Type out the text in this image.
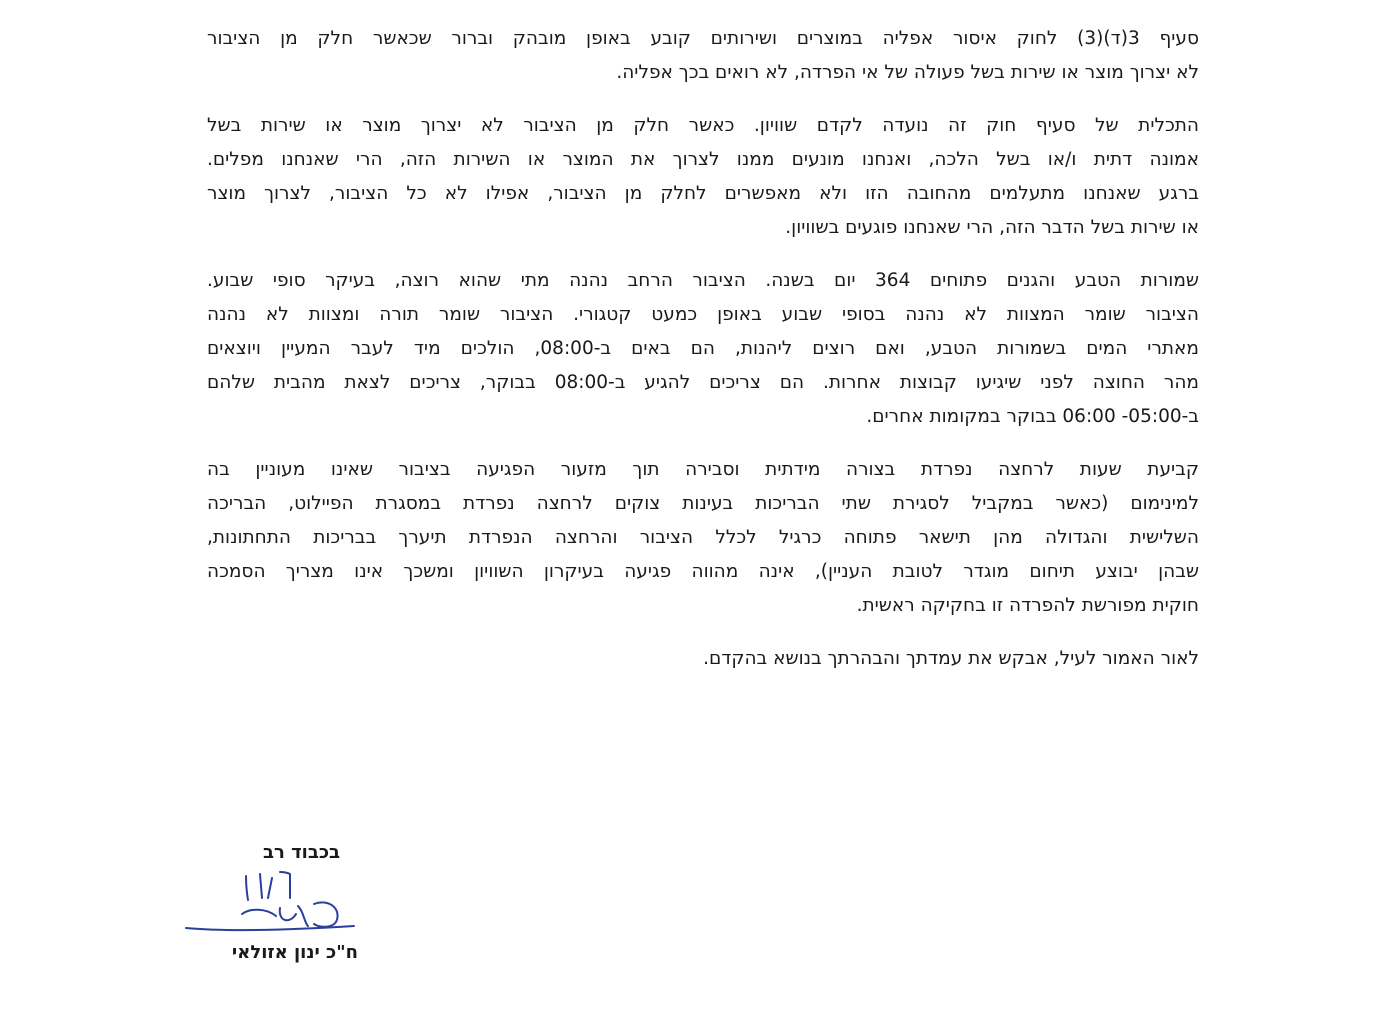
סעיף 3(ד)(3) לחוק איסור אפליה במוצרים ושירותים קובע באופן מובהק וברור שכאשר חלק מן הציבור
לא יצרוך מוצר או שירות בשל פעולה של אי הפרדה, לא רואים בכך אפליה.
התכלית של סעיף חוק זה נועדה לקדם שוויון. כאשר חלק מן הציבור לא יצרוך מוצר או שירות בשל
אמונה דתית ו/או בשל הלכה, ואנחנו מונעים ממנו לצרוך את המוצר או השירות הזה, הרי שאנחנו מפלים.
ברגע שאנחנו מתעלמים מהחובה הזו ולא מאפשרים לחלק מן הציבור, אפילו לא כל הציבור, לצרוך מוצר
או שירות בשל הדבר הזה, הרי שאנחנו פוגעים בשוויון.
שמורות הטבע והגנים פתוחים 364 יום בשנה. הציבור הרחב נהנה מתי שהוא רוצה, בעיקר סופי שבוע.
הציבור שומר המצוות לא נהנה בסופי שבוע באופן כמעט קטגורי. הציבור שומר תורה ומצוות לא נהנה
מאתרי המים בשמורות הטבע, ואם רוצים ליהנות, הם באים ב-08:00, הולכים מיד לעבר המעיין ויוצאים
מהר החוצה לפני שיגיעו קבוצות אחרות. הם צריכים להגיע ב-08:00 בבוקר, צריכים לצאת מהבית שלהם
ב-05:00- 06:00 בבוקר במקומות אחרים.
קביעת שעות לרחצה נפרדת בצורה מידתית וסבירה תוך מזעור הפגיעה בציבור שאינו מעוניין בה
למינימום (כאשר במקביל לסגירת שתי הבריכות בעינות צוקים לרחצה נפרדת במסגרת הפיילוט, הבריכה
השלישית והגדולה מהן תישאר פתוחה כרגיל לכלל הציבור והרחצה הנפרדת תיערך בבריכות התחתונות,
שבהן יבוצע תיחום מוגדר לטובת העניין), אינה מהווה פגיעה בעיקרון השוויון ומשכך אינו מצריך הסמכה
חוקית מפורשת להפרדה זו בחקיקה ראשית.
לאור האמור לעיל, אבקש את עמדתך והבהרתך בנושא בהקדם.
בכבוד רב
ח"כ ינון אזולאי
